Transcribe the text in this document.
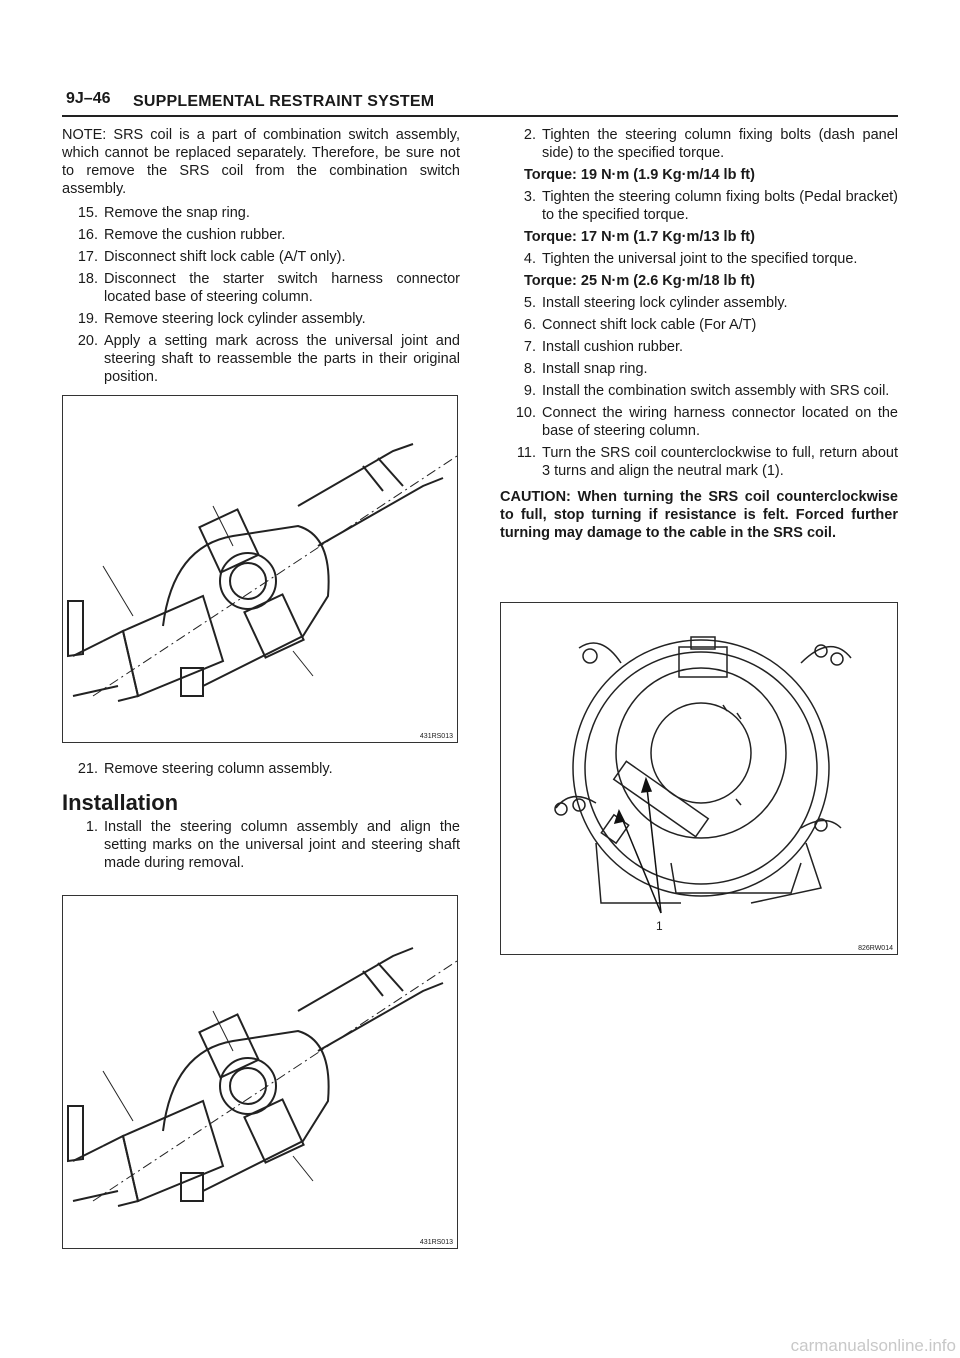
9J–46 SUPPLEMENTAL RESTRAINT SYSTEM

NOTE: SRS coil is a part of combination switch assembly, which cannot be replaced separately. Therefore, be sure not to remove the SRS coil from the combination switch assembly.

15. Remove the snap ring.
16. Remove the cushion rubber.
17. Disconnect shift lock cable (A/T only).
18. Disconnect the starter switch harness connector located base of steering column.
19. Remove steering lock cylinder assembly.
20. Apply a setting mark across the universal joint and steering shaft to reassemble the parts in their original position.
431RS013
21. Remove steering column assembly.
Installation
1. Install the steering column assembly and align the setting marks on the universal joint and steering shaft made during removal.
431RS013
2. Tighten the steering column fixing bolts (dash panel side) to the specified torque.

Torque: 19 N·m (1.9 Kg·m/14 lb ft)

3. Tighten the steering column fixing bolts (Pedal bracket) to the specified torque.

Torque: 17 N·m (1.7 Kg·m/13 lb ft)

4. Tighten the universal joint to the specified torque.

Torque: 25 N·m (2.6 Kg·m/18 lb ft)

5. Install steering lock cylinder assembly.
6. Connect shift lock cable (For A/T)
7. Install cushion rubber.
8. Install snap ring.
9. Install the combination switch assembly with SRS coil.
10. Connect the wiring harness connector located on the base of steering column.
11. Turn the SRS coil counterclockwise to full, return about 3 turns and align the neutral mark (1).

CAUTION: When turning the SRS coil counterclockwise to full, stop turning if resistance is felt. Forced further turning may damage to the cable in the SRS coil.

1
826RW014
carmanualsonline.info
